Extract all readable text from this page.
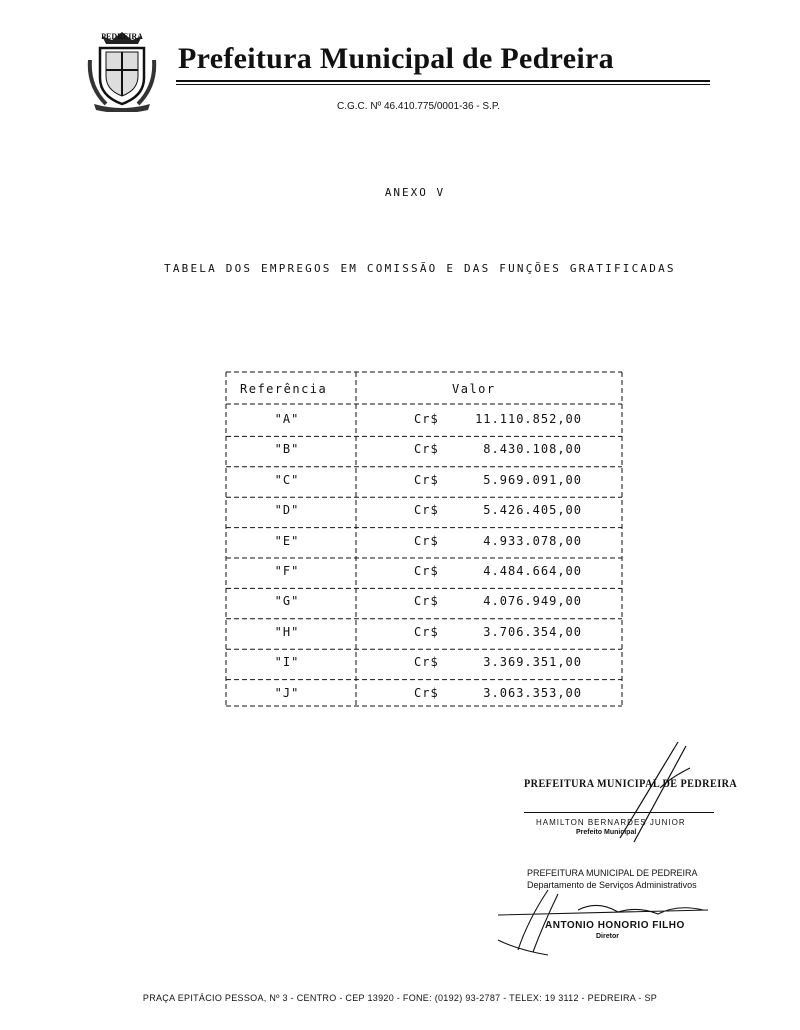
PEDREIRA
Prefeitura Municipal de Pedreira
C.G.C. Nº 46.410.775/0001-36 - S.P.
ANEXO V
TABELA DOS EMPREGOS EM COMISSÃO E DAS FUNÇÕES GRATIFICADAS
Referência	Valor
"A"	Cr$	11.110.852,00
"B"	Cr$	8.430.108,00
"C"	Cr$	5.969.091,00
"D"	Cr$	5.426.405,00
"E"	Cr$	4.933.078,00
"F"	Cr$	4.484.664,00
"G"	Cr$	4.076.949,00
"H"	Cr$	3.706.354,00
"I"	Cr$	3.369.351,00
"J"	Cr$	3.063.353,00
PREFEITURA MUNICIPAL DE PEDREIRA
HAMILTON BERNARDES JUNIOR
Prefeito Municipal
PREFEITURA MUNICIPAL DE PEDREIRA
Departamento de Serviços Administrativos
ANTONIO HONORIO FILHO
Diretor
PRAÇA EPITÁCIO PESSOA, Nº 3 - CENTRO - CEP 13920 - FONE: (0192) 93-2787 - TELEX: 19 3112 - PEDREIRA - SP
